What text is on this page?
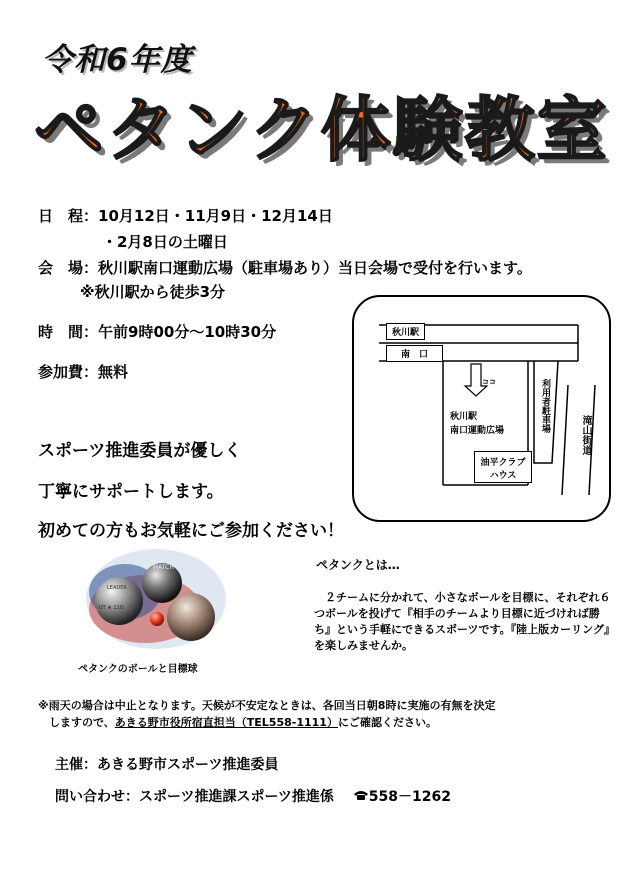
令和6年度
ペタンク体験教室
日　程：10月12日・11月9日・12月14日
・2月8日の土曜日
会　場：秋川駅南口運動広場（駐車場あり）当日会場で受付を行います。
※秋川駅から徒歩3分
時　間：午前9時00分～10時30分
参加費：無料
スポーツ推進委員が優しく
丁寧にサポートします。
初めての方もお気軽にご参加ください！
秋川駅
南　口
ココ
秋川駅
南口運動広場	利用者駐車場
油平クラブ
ハウス
滝山街道
MATCH
LEADER
UT ★ 11O
ペタンクのボールと目標球
ペタンクとは…
　２チームに分かれて、小さなボールを目標に、それぞれ６つボールを投げて『相手のチームより目標に近づければ勝ち』という手軽にできるスポーツです。『陸上版カーリング』を楽しみませんか。
※雨天の場合は中止となります。天候が不安定なときは、各回当日朝8時に実施の有無を決定
　しますので、あきる野市役所宿直担当（TEL558-1111）にご確認ください。
主催：あきる野市スポーツ推進委員
問い合わせ：スポーツ推進課スポーツ推進係 558－1262
